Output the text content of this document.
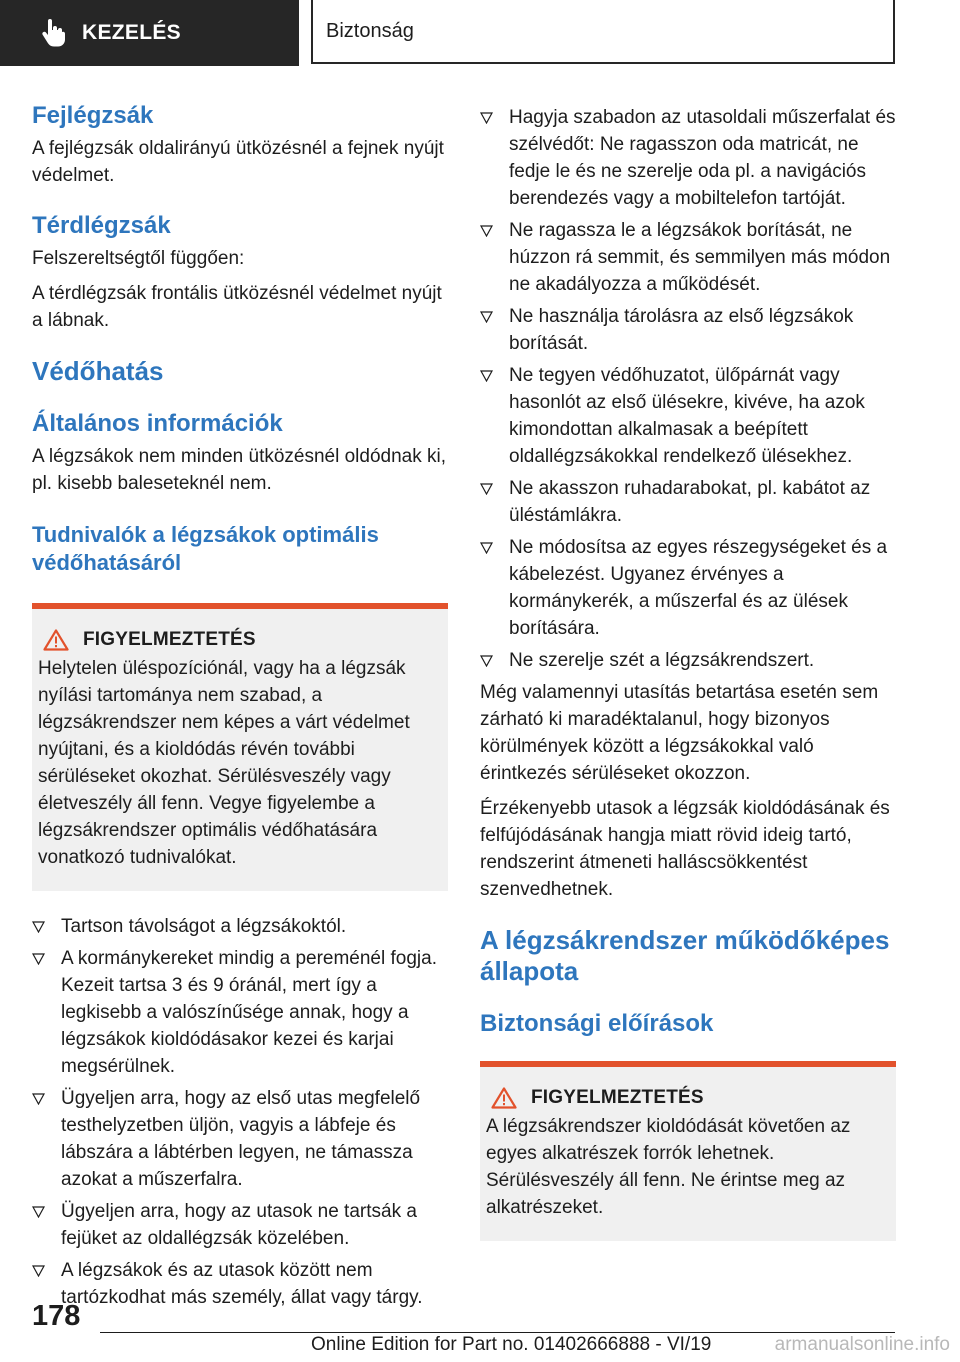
KEZELÉS	Biztonság
Fejlégzsák

A fejlégzsák oldalirányú ütközésnél a fejnek nyújt védelmet.

Térdlégzsák

Felszereltségtől függően:

A térdlégzsák frontális ütközésnél védelmet nyújt a lábnak.

Védőhatás
Általános információk

A légzsákok nem minden ütközésnél oldódnak ki, pl. kisebb baleseteknél nem.

Tudnivalók a légzsákok optimális védőhatásáról
FIGYELMEZTETÉS

Helytelen üléspozíciónál, vagy ha a légzsák nyílási tartománya nem szabad, a légzsákrendszer nem képes a várt védelmet nyújtani, és a kioldódás révén további sérüléseket okozhat. Sérülésveszély vagy életveszély áll fenn. Vegye figyelembe a légzsákrendszer optimális védőhatására vonatkozó tudnivalókat.

Tartson távolságot a légzsákoktól.
A kormánykereket mindig a pereménél fogja. Kezeit tartsa 3 és 9 óránál, mert így a legkisebb a valószínűsége annak, hogy a légzsákok kioldódásakor kezei és karjai megsérülnek.
Ügyeljen arra, hogy az első utas megfelelő testhelyzetben üljön, vagyis a lábfeje és lábszára a lábtérben legyen, ne támassza azokat a műszerfalra.
Ügyeljen arra, hogy az utasok ne tartsák a fejüket az oldallégzsák közelében.
A légzsákok és az utasok között nem tartózkodhat más személy, állat vagy tárgy.
Hagyja szabadon az utasoldali műszerfalat és szélvédőt: Ne ragasszon oda matricát, ne fedje le és ne szerelje oda pl. a navigációs berendezés vagy a mobiltelefon tartóját.
Ne ragassza le a légzsákok borítását, ne húzzon rá semmit, és semmilyen más módon ne akadályozza a működését.
Ne használja tárolásra az első légzsákok borítását.
Ne tegyen védőhuzatot, ülőpárnát vagy hasonlót az első ülésekre, kivéve, ha azok kimondottan alkalmasak a beépített oldallégzsákokkal rendelkező ülésekhez.
Ne akasszon ruhadarabokat, pl. kabátot az üléstámlákra.
Ne módosítsa az egyes részegységeket és a kábelezést. Ugyanez érvényes a kormánykerék, a műszerfal és az ülések borítására.
Ne szerelje szét a légzsákrendszert.

Még valamennyi utasítás betartása esetén sem zárható ki maradéktalanul, hogy bizonyos körülmények között a légzsákokkal való érintkezés sérüléseket okozzon.

Érzékenyebb utasok a légzsák kioldódásának és felfújódásának hangja miatt rövid ideig tartó, rendszerint átmeneti halláscsökkentést szenvedhetnek.

A légzsákrendszer működőképes állapota
Biztonsági előírások
FIGYELMEZTETÉS

A légzsákrendszer kioldódását követően az egyes alkatrészek forrók lehetnek. Sérülésveszély áll fenn. Ne érintse meg az alkatrészeket.

178
Online Edition for Part no. 01402666888 - VI/19	armanualsonline.info
